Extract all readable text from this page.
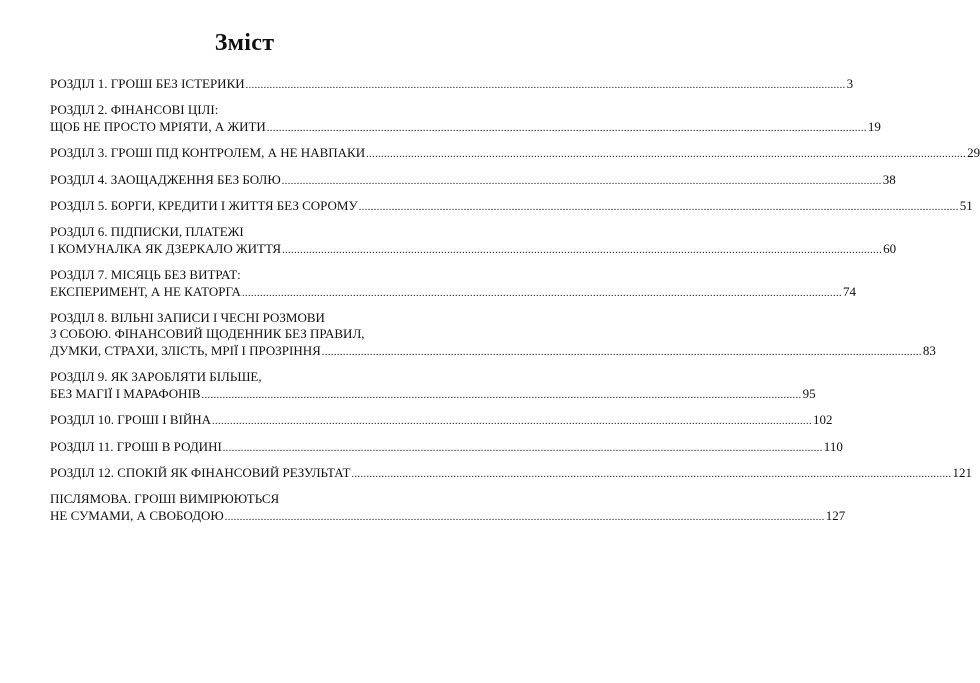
Зміст
РОЗДІЛ 1. ГРОШІ БЕЗ ІСТЕРИКИ ........................................................................................................................................................................................................ 3
РОЗДІЛ 2. ФІНАНСОВІ ЦІЛІ:
ЩОБ НЕ ПРОСТО МРІЯТИ, А ЖИТИ ........................................................................................................................................................................................................ 19
РОЗДІЛ 3. ГРОШІ ПІД КОНТРОЛЕМ, А НЕ НАВПАКИ ........................................................................................................................................................................................................ 29
РОЗДІЛ 4. ЗАОЩАДЖЕННЯ БЕЗ БОЛЮ ........................................................................................................................................................................................................ 38
РОЗДІЛ 5. БОРГИ, КРЕДИТИ І ЖИТТЯ БЕЗ СОРОМУ ........................................................................................................................................................................................................ 51
РОЗДІЛ 6. ПІДПИСКИ, ПЛАТЕЖІ
І КОМУНАЛКА ЯК ДЗЕРКАЛО ЖИТТЯ ........................................................................................................................................................................................................ 60
РОЗДІЛ 7. МІСЯЦЬ БЕЗ ВИТРАТ:
ЕКСПЕРИМЕНТ, А НЕ КАТОРГА ........................................................................................................................................................................................................ 74
РОЗДІЛ 8. ВІЛЬНІ ЗАПИСИ І ЧЕСНІ РОЗМОВИ
З СОБОЮ. ФІНАНСОВИЙ ЩОДЕННИК БЕЗ ПРАВИЛ,
ДУМКИ, СТРАХИ, ЗЛІСТЬ, МРІЇ І ПРОЗРІННЯ ........................................................................................................................................................................................................ 83
РОЗДІЛ 9. ЯК ЗАРОБЛЯТИ БІЛЬШЕ,
БЕЗ МАГІЇ І МАРАФОНІВ ........................................................................................................................................................................................................ 95
РОЗДІЛ 10. ГРОШІ І ВІЙНА ........................................................................................................................................................................................................ 102
РОЗДІЛ 11. ГРОШІ В РОДИНІ ........................................................................................................................................................................................................ 110
РОЗДІЛ 12. СПОКІЙ ЯК ФІНАНСОВИЙ РЕЗУЛЬТАТ ........................................................................................................................................................................................................ 121
ПІСЛЯМОВА. ГРОШІ ВИМІРЮЮТЬСЯ
НЕ СУМАМИ, А СВОБОДОЮ ........................................................................................................................................................................................................ 127
